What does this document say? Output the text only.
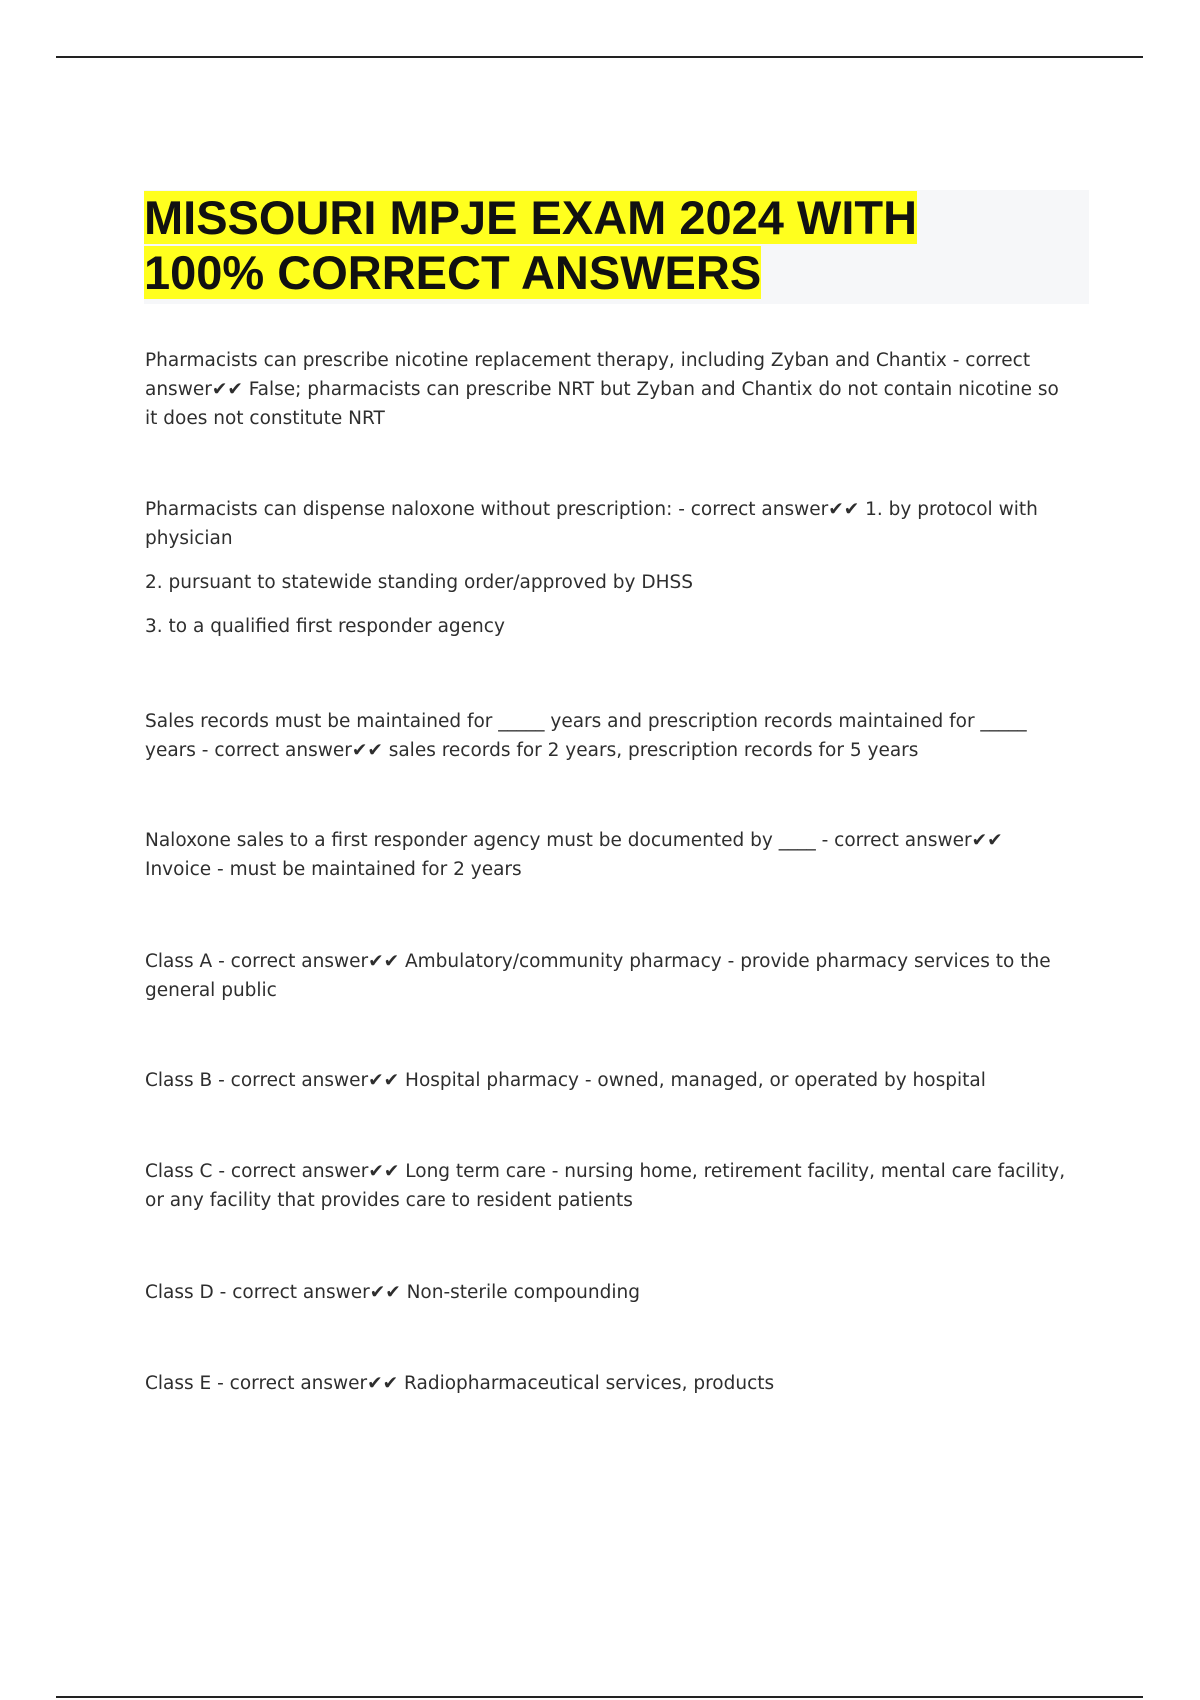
MISSOURI MPJE EXAM 2024 WITH
100% CORRECT ANSWERS

Pharmacists can prescribe nicotine replacement therapy, including Zyban and Chantix - correct answer✔✔ False; pharmacists can prescribe NRT but Zyban and Chantix do not contain nicotine so it does not constitute NRT

Pharmacists can dispense naloxone without prescription: - correct answer✔✔ 1. by protocol with physician

2. pursuant to statewide standing order/approved by DHSS

3. to a qualified first responder agency

Sales records must be maintained for _____ years and prescription records maintained for _____ years - correct answer✔✔ sales records for 2 years, prescription records for 5 years

Naloxone sales to a first responder agency must be documented by ____ - correct answer✔✔ Invoice - must be maintained for 2 years

Class A - correct answer✔✔ Ambulatory/community pharmacy - provide pharmacy services to the general public

Class B - correct answer✔✔ Hospital pharmacy - owned, managed, or operated by hospital

Class C - correct answer✔✔ Long term care - nursing home, retirement facility, mental care facility, or any facility that provides care to resident patients

Class D - correct answer✔✔ Non-sterile compounding

Class E - correct answer✔✔ Radiopharmaceutical services, products
